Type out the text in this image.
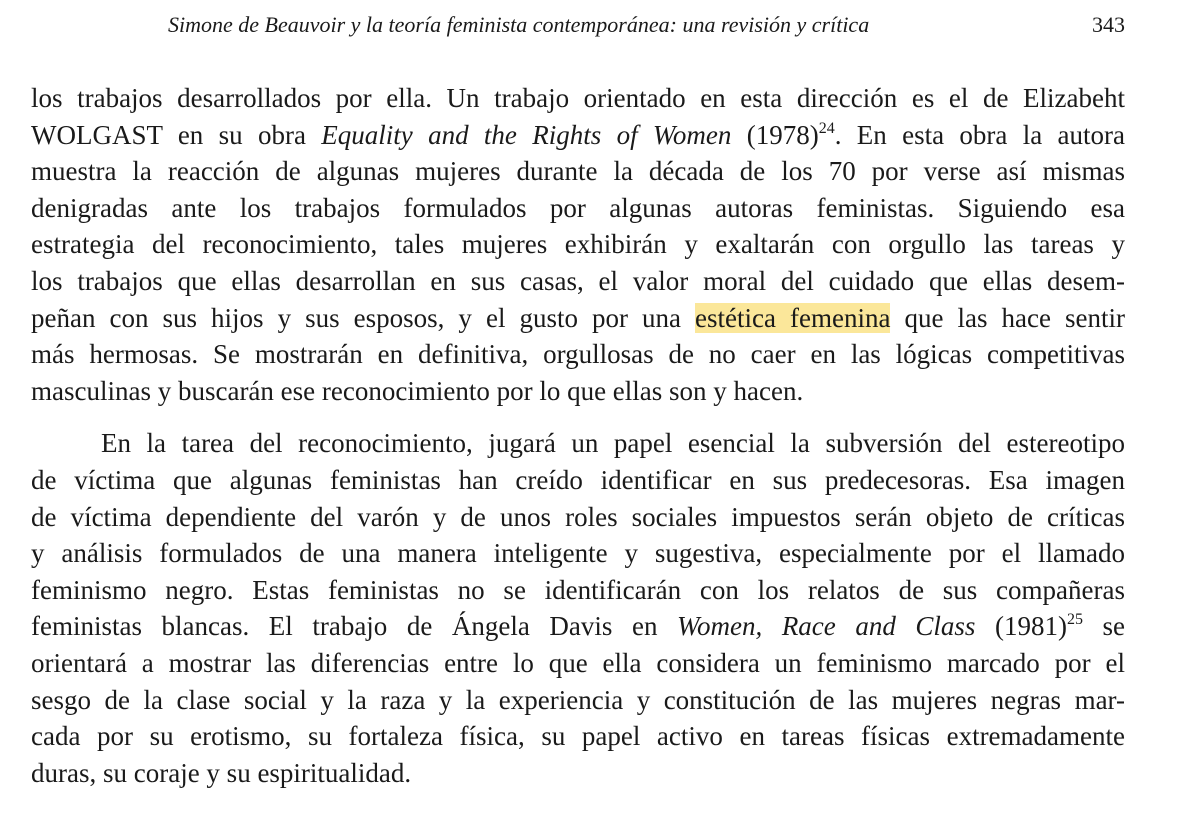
Simone de Beauvoir y la teoría feminista contemporánea: una revisión y crítica	343
los trabajos desarrollados por ella. Un trabajo orientado en esta dirección es el de Elizabeht
WOLGAST en su obra Equality and the Rights of Women $(1978)^{24}$. En esta obra la autora
muestra la reacción de algunas mujeres durante la década de los 70 por verse así mismas
denigradas ante los trabajos formulados por algunas autoras feministas. Siguiendo esa
estrategia del reconocimiento, tales mujeres exhibirán y exaltarán con orgullo las tareas y
los trabajos que ellas desarrollan en sus casas, el valor moral del cuidado que ellas desem-
peñan con sus hijos y sus esposos, y el gusto por una estética femenina que las hace sentir
más hermosas. Se mostrarán en definitiva, orgullosas de no caer en las lógicas competitivas
masculinas y buscarán ese reconocimiento por lo que ellas son y hacen.
En la tarea del reconocimiento, jugará un papel esencial la subversión del estereotipo
de víctima que algunas feministas han creído identificar en sus predecesoras. Esa imagen
de víctima dependiente del varón y de unos roles sociales impuestos serán objeto de críticas
y análisis formulados de una manera inteligente y sugestiva, especialmente por el llamado
feminismo negro. Estas feministas no se identificarán con los relatos de sus compañeras
feministas blancas. El trabajo de Ángela Davis en Women, Race and Class $(1981)^{25}$ se
orientará a mostrar las diferencias entre lo que ella considera un feminismo marcado por el
sesgo de la clase social y la raza y la experiencia y constitución de las mujeres negras mar-
cada por su erotismo, su fortaleza física, su papel activo en tareas físicas extremadamente
duras, su coraje y su espiritualidad.
